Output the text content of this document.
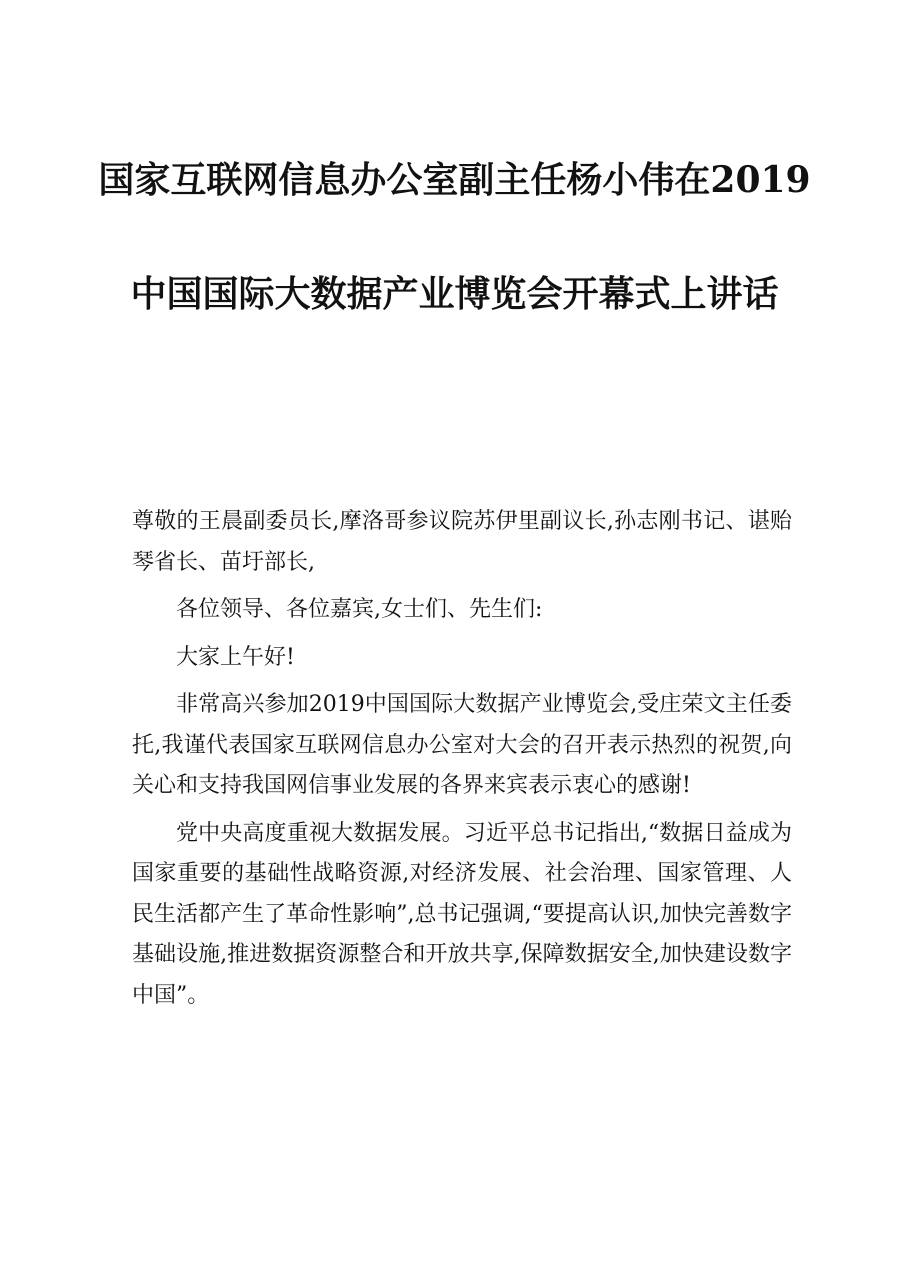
国家互联网信息办公室副主任杨小伟在2019
中国国际大数据产业博览会开幕式上讲话

尊敬的王晨副委员长,摩洛哥参议院苏伊里副议长,孙志刚书记、谌贻琴省长、苗圩部长,

各位领导、各位嘉宾,女士们、先生们:

大家上午好!

非常高兴参加2019中国国际大数据产业博览会,受庄荣文主任委托,我谨代表国家互联网信息办公室对大会的召开表示热烈的祝贺,向关心和支持我国网信事业发展的各界来宾表示衷心的感谢!

党中央高度重视大数据发展。习近平总书记指出,“数据日益成为国家重要的基础性战略资源,对经济发展、社会治理、国家管理、人民生活都产生了革命性影响”,总书记强调,“要提高认识,加快完善数字基础设施,推进数据资源整合和开放共享,保障数据安全,加快建设数字中国”。
